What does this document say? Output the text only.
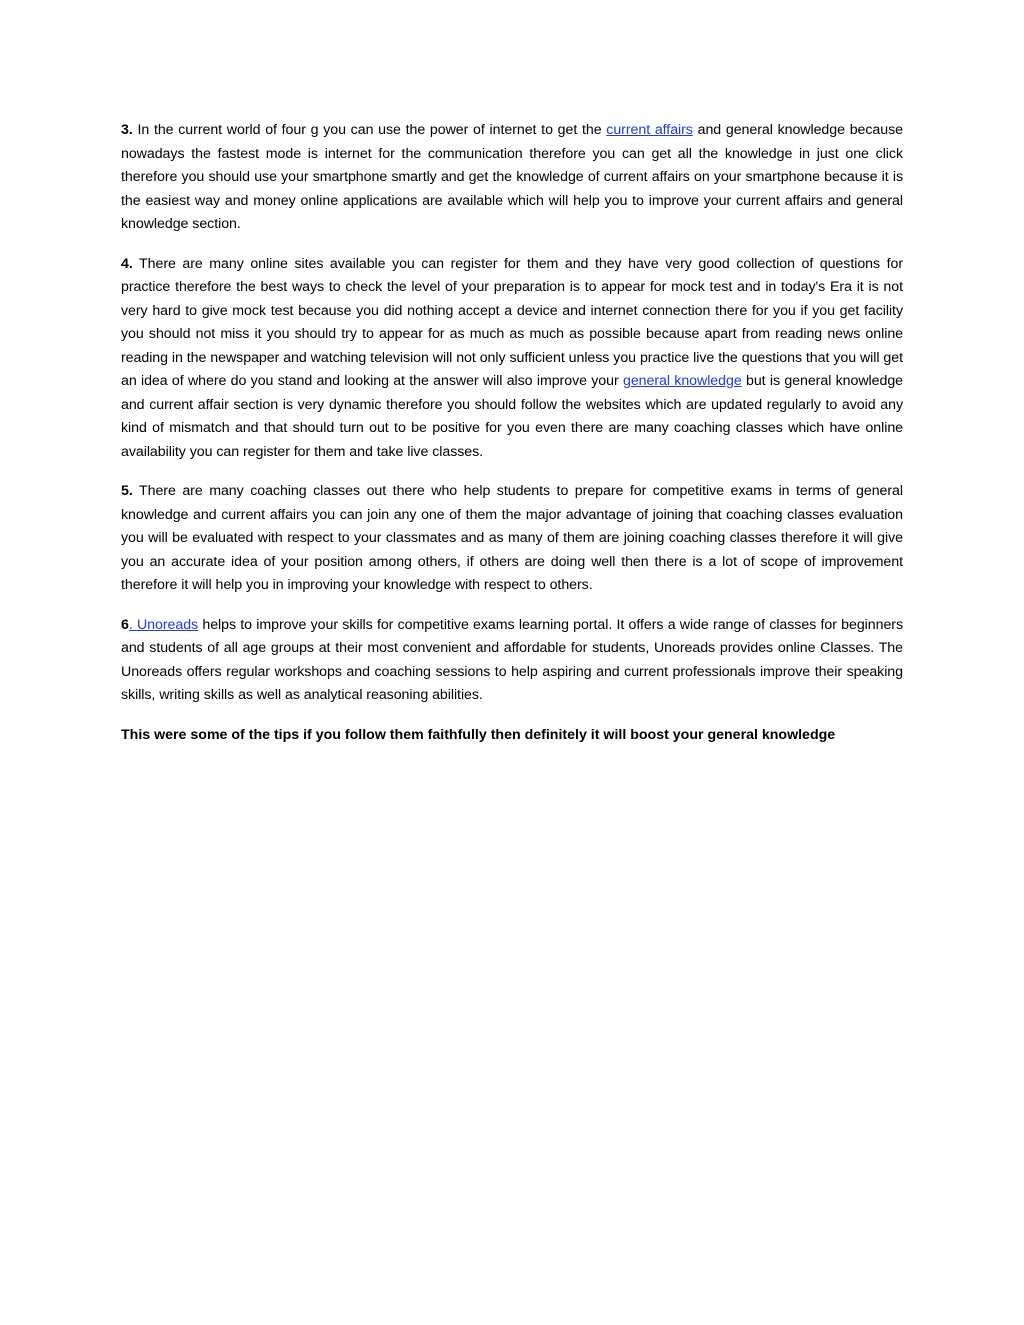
3. In the current world of four g you can use the power of internet to get the current affairs and general knowledge because nowadays the fastest mode is internet for the communication therefore you can get all the knowledge in just one click therefore you should use your smartphone smartly and get the knowledge of current affairs on your smartphone because it is the easiest way and money online applications are available which will help you to improve your current affairs and general knowledge section.

4. There are many online sites available you can register for them and they have very good collection of questions for practice therefore the best ways to check the level of your preparation is to appear for mock test and in today's Era it is not very hard to give mock test because you did nothing accept a device and internet connection there for you if you get facility you should not miss it you should try to appear for as much as much as possible because apart from reading news online reading in the newspaper and watching television will not only sufficient unless you practice live the questions that you will get an idea of where do you stand and looking at the answer will also improve your general knowledge but is general knowledge and current affair section is very dynamic therefore you should follow the websites which are updated regularly to avoid any kind of mismatch and that should turn out to be positive for you even there are many coaching classes which have online availability you can register for them and take live classes.

5. There are many coaching classes out there who help students to prepare for competitive exams in terms of general knowledge and current affairs you can join any one of them the major advantage of joining that coaching classes evaluation you will be evaluated with respect to your classmates and as many of them are joining coaching classes therefore it will give you an accurate idea of your position among others, if others are doing well then there is a lot of scope of improvement therefore it will help you in improving your knowledge with respect to others.

6. Unoreads helps to improve your skills for competitive exams learning portal. It offers a wide range of classes for beginners and students of all age groups at their most convenient and affordable for students, Unoreads provides online Classes. The Unoreads offers regular workshops and coaching sessions to help aspiring and current professionals improve their speaking skills, writing skills as well as analytical reasoning abilities.

This were some of the tips if you follow them faithfully then definitely it will boost your general knowledge
